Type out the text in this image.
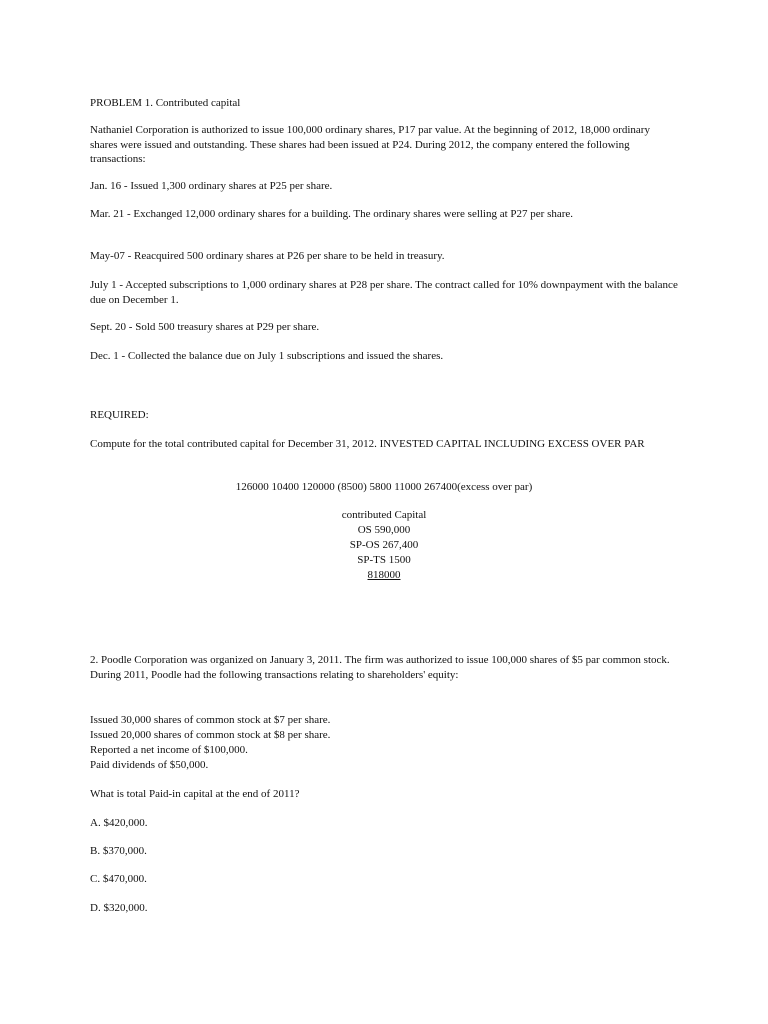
PROBLEM 1. Contributed capital

Nathaniel Corporation is authorized to issue 100,000 ordinary shares, P17 par value. At the beginning of 2012, 18,000 ordinary shares were issued and outstanding. These shares had been issued at P24. During 2012, the company entered the following transactions:

Jan. 16 - Issued 1,300 ordinary shares at P25 per share.

Mar. 21 - Exchanged 12,000 ordinary shares for a building. The ordinary shares were selling at P27 per share.

May-07 - Reacquired 500 ordinary shares at P26 per share to be held in treasury.

July 1 - Accepted subscriptions to 1,000 ordinary shares at P28 per share. The contract called for 10% downpayment with the balance due on December 1.

Sept. 20 - Sold 500 treasury shares at P29 per share.

Dec. 1 - Collected the balance due on July 1 subscriptions and issued the shares.

REQUIRED:

Compute for the total contributed capital for December 31, 2012. INVESTED CAPITAL INCLUDING EXCESS OVER PAR

126000 10400 120000 (8500) 5800 11000 267400(excess over par)

contributed Capital

OS 590,000

SP-OS 267,400

SP-TS 1500

818000

2. Poodle Corporation was organized on January 3, 2011. The firm was authorized to issue 100,000 shares of $5 par common stock. During 2011, Poodle had the following transactions relating to shareholders' equity:

Issued 30,000 shares of common stock at $7 per share.

Issued 20,000 shares of common stock at $8 per share.

Reported a net income of $100,000.

Paid dividends of $50,000.

What is total Paid-in capital at the end of 2011?

A. $420,000.

B. $370,000.

C. $470,000.

D. $320,000.
